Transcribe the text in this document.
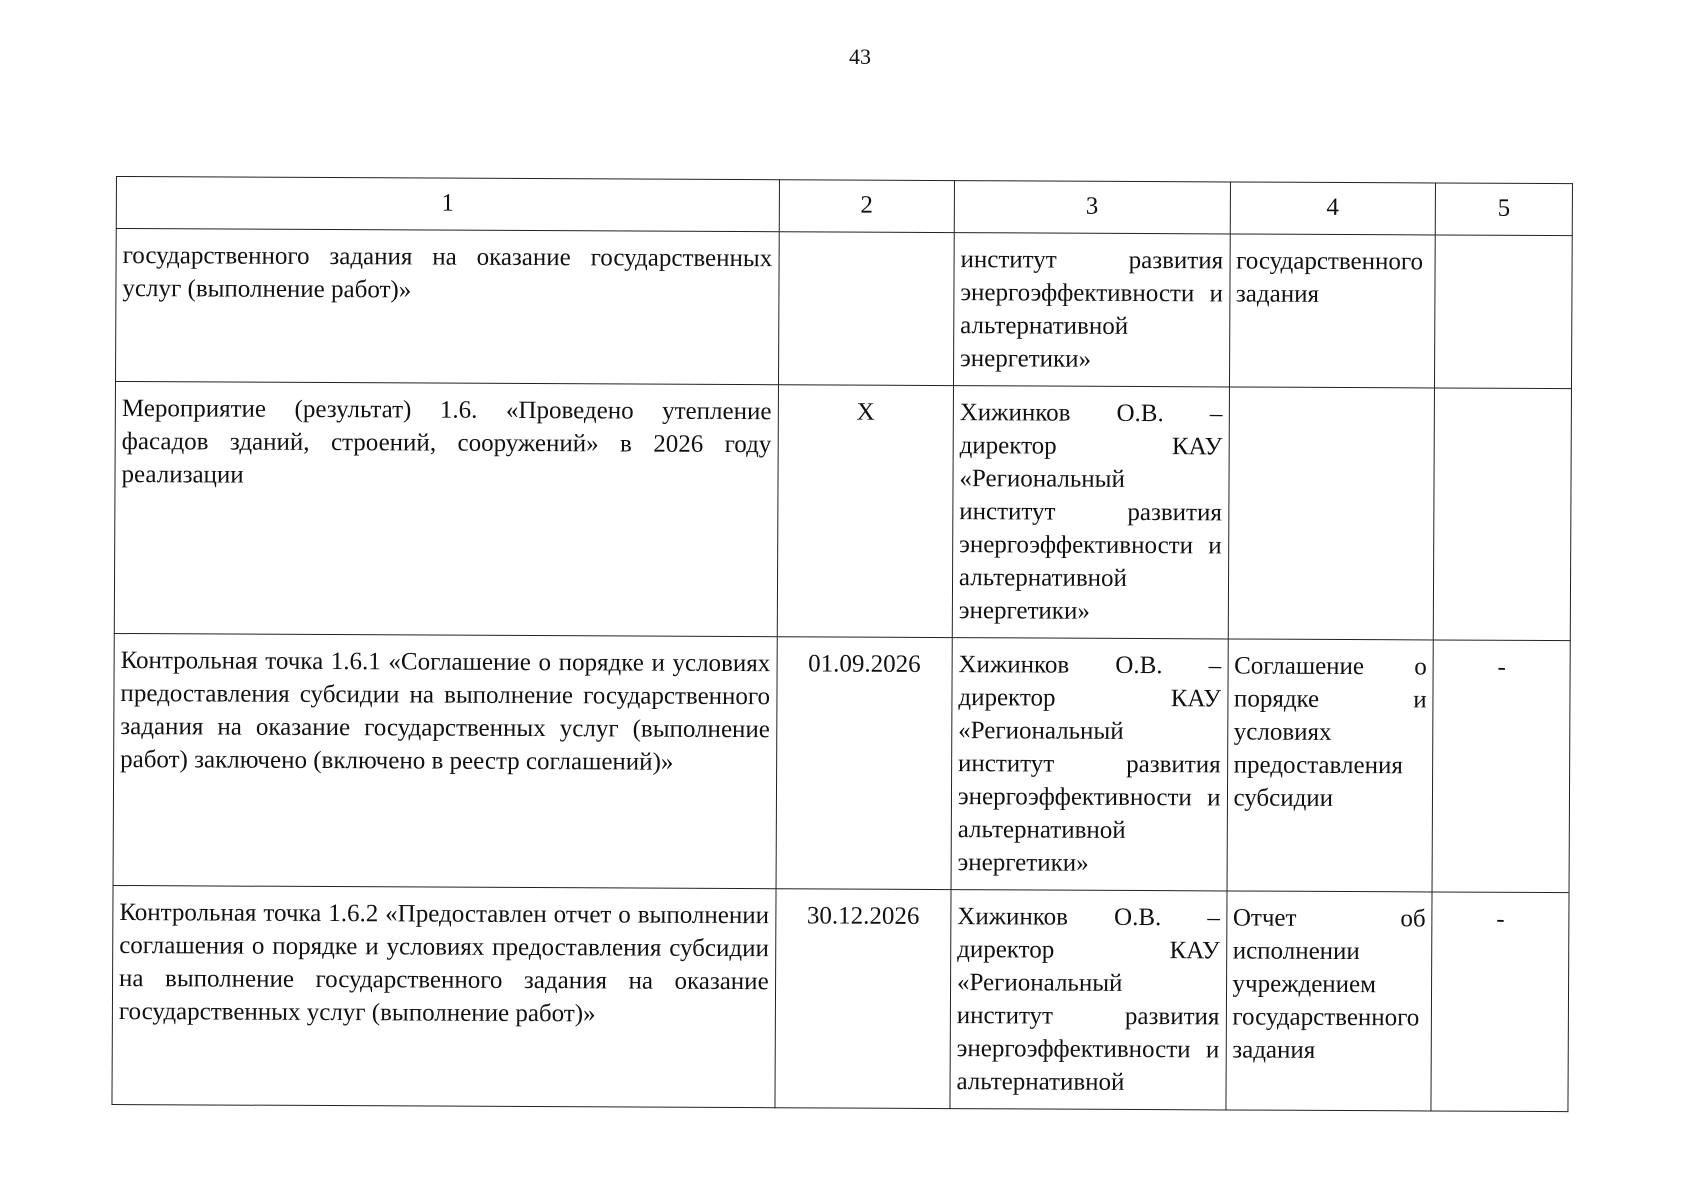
43
1	2	3	4	5
государственного задания на оказание государственных услуг (выполнение работ)»		институт развития энергоэффективности и альтернативной энергетики»	государственного задания	
Мероприятие (результат) 1.6. «Проведено утепление фасадов зданий, строений, сооружений» в 2026 году реализации	X	Хижинков О.В. – директор КАУ «Региональный институт развития энергоэффективности и альтернативной энергетики»		
Контрольная точка 1.6.1 «Соглашение о порядке и условиях предоставления субсидии на выполнение государственного задания на оказание государственных услуг (выполнение работ) заключено (включено в реестр соглашений)»	01.09.2026	Хижинков О.В. – директор КАУ «Региональный институт развития энергоэффективности и альтернативной энергетики»	Соглашение о порядке и условиях предоставления субсидии	-
Контрольная точка 1.6.2 «Предоставлен отчет о выполнении соглашения о порядке и условиях предоставления субсидии на выполнение государственного задания на оказание государственных услуг (выполнение работ)»	30.12.2026	Хижинков О.В. – директор КАУ «Региональный институт развития энергоэффективности и альтернативной	Отчет об исполнении учреждением государственного задания	-
